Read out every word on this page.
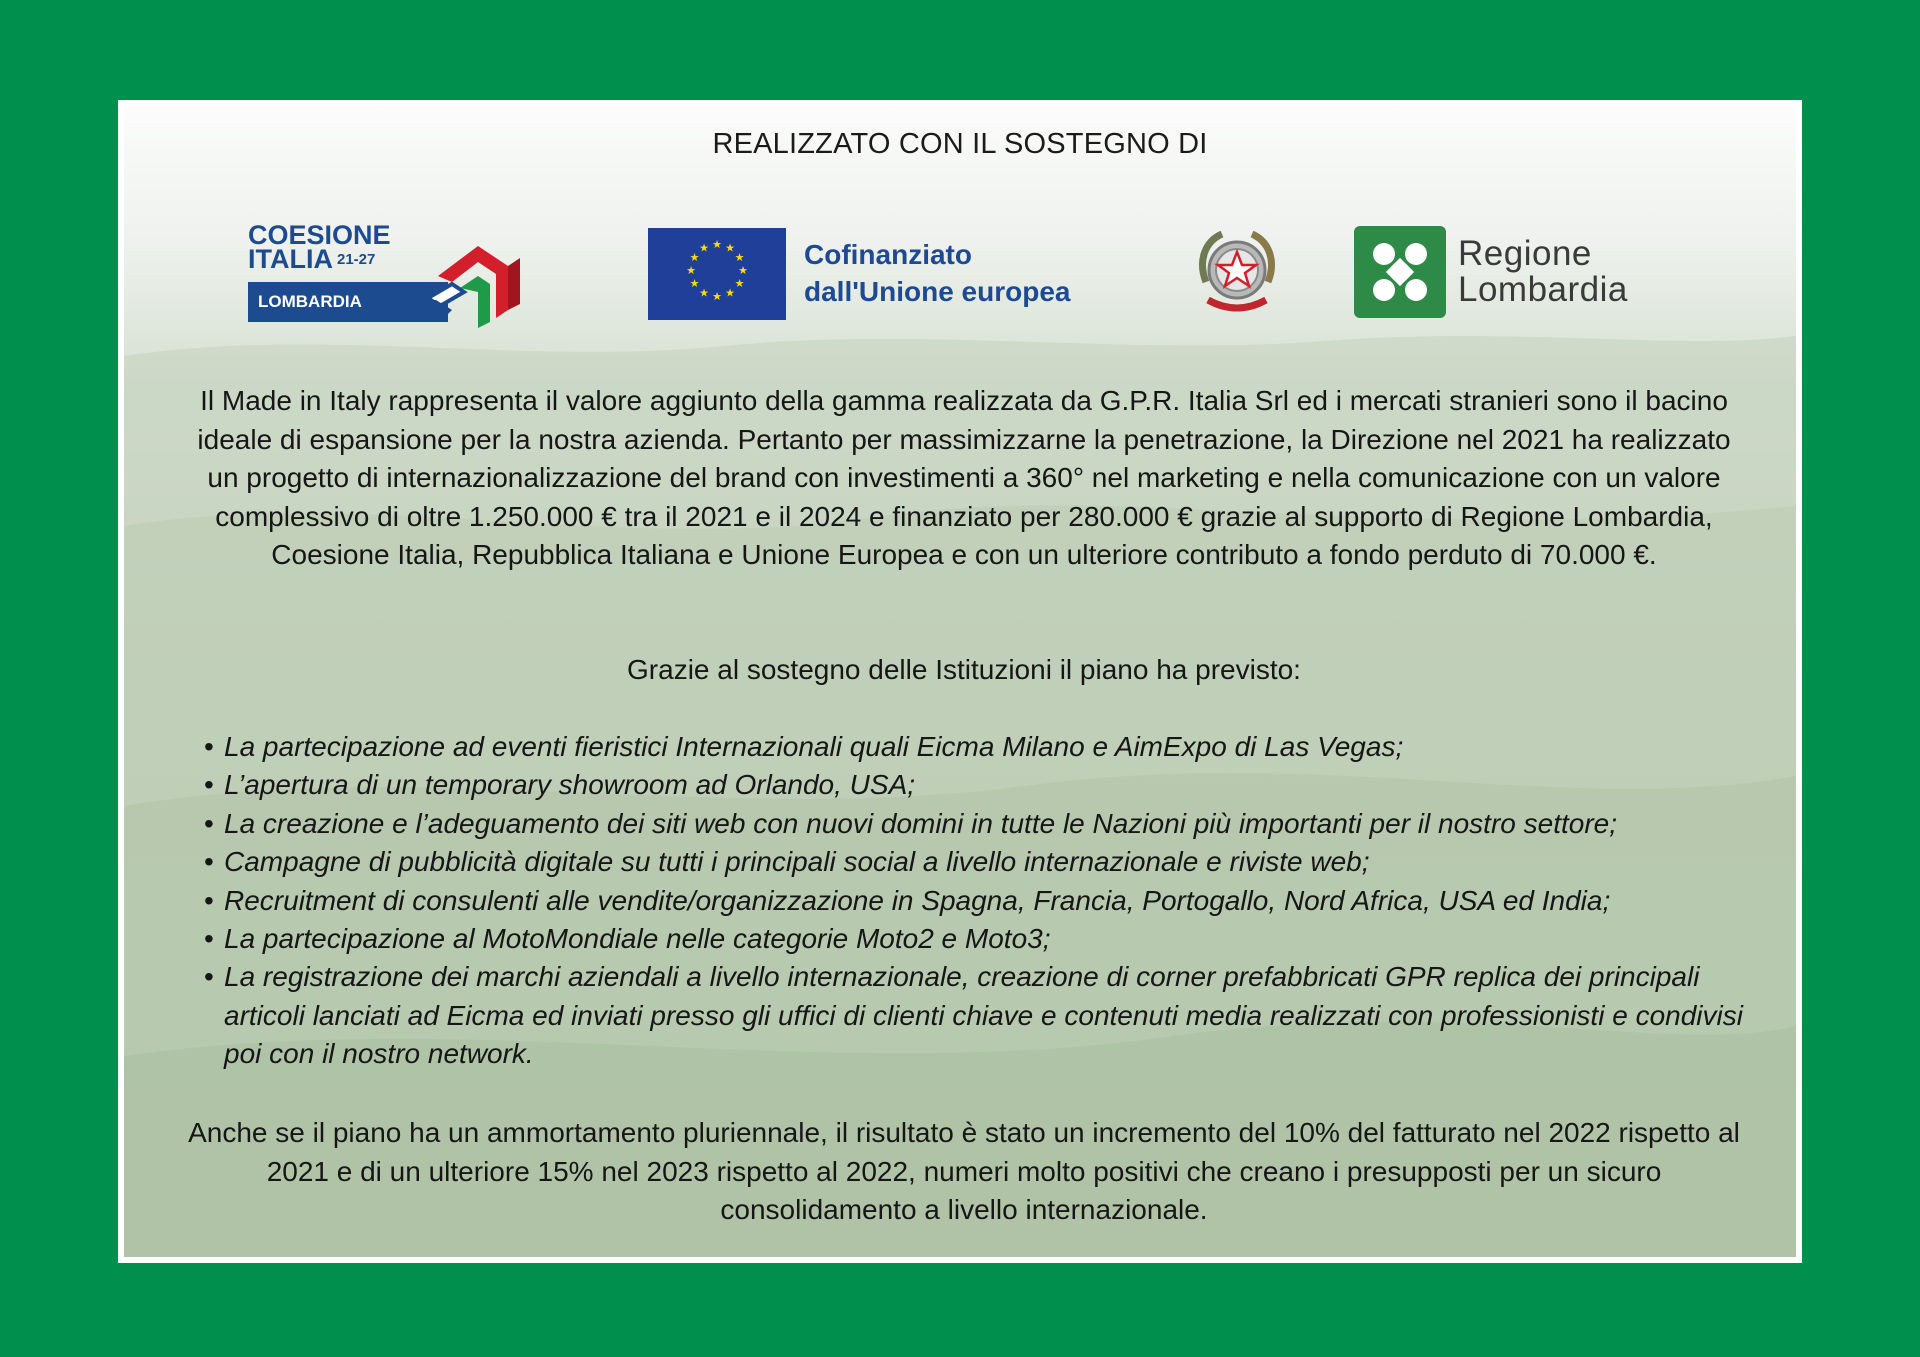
REALIZZATO CON IL SOSTEGNO DI
COESIONE
ITALIA $^{21-27}$
LOMBARDIA
★ ★
★
★
★
★
★
★
★
★
★
★	Cofinanziato
dall'Unione europea
Regione
Lombardia

Il Made in Italy rappresenta il valore aggiunto della gamma realizzata da G.P.R. Italia Srl ed i mercati stranieri sono il bacino ideale di espansione per la nostra azienda. Pertanto per massimizzarne la penetrazione, la Direzione nel 2021 ha realizzato un progetto di internazionalizzazione del brand con investimenti a 360° nel marketing e nella comunicazione con un valore complessivo di oltre 1.250.000 € tra il 2021 e il 2024 e finanziato per 280.000 € grazie al supporto di Regione Lombardia, Coesione Italia, Repubblica Italiana e Unione Europea e con un ulteriore contributo a fondo perduto di 70.000 €.

Grazie al sostegno delle Istituzioni il piano ha previsto:

• La partecipazione ad eventi fieristici Internazionali quali Eicma Milano e AimExpo di Las Vegas;
• L’apertura di un temporary showroom ad Orlando, USA;
• La creazione e l’adeguamento dei siti web con nuovi domini in tutte le Nazioni più importanti per il nostro settore;
• Campagne di pubblicità digitale su tutti i principali social a livello internazionale e riviste web;
• Recruitment di consulenti alle vendite/organizzazione in Spagna, Francia, Portogallo, Nord Africa, USA ed India;
• La partecipazione al MotoMondiale nelle categorie Moto2 e Moto3;
• La registrazione dei marchi aziendali a livello internazionale, creazione di corner prefabbricati GPR replica dei principali articoli lanciati ad Eicma ed inviati presso gli uffici di clienti chiave e contenuti media realizzati con professionisti e condivisi poi con il nostro network.

Anche se il piano ha un ammortamento pluriennale, il risultato è stato un incremento del 10% del fatturato nel 2022 rispetto al 2021 e di un ulteriore 15% nel 2023 rispetto al 2022, numeri molto positivi che creano i presupposti per un sicuro consolidamento a livello internazionale.
